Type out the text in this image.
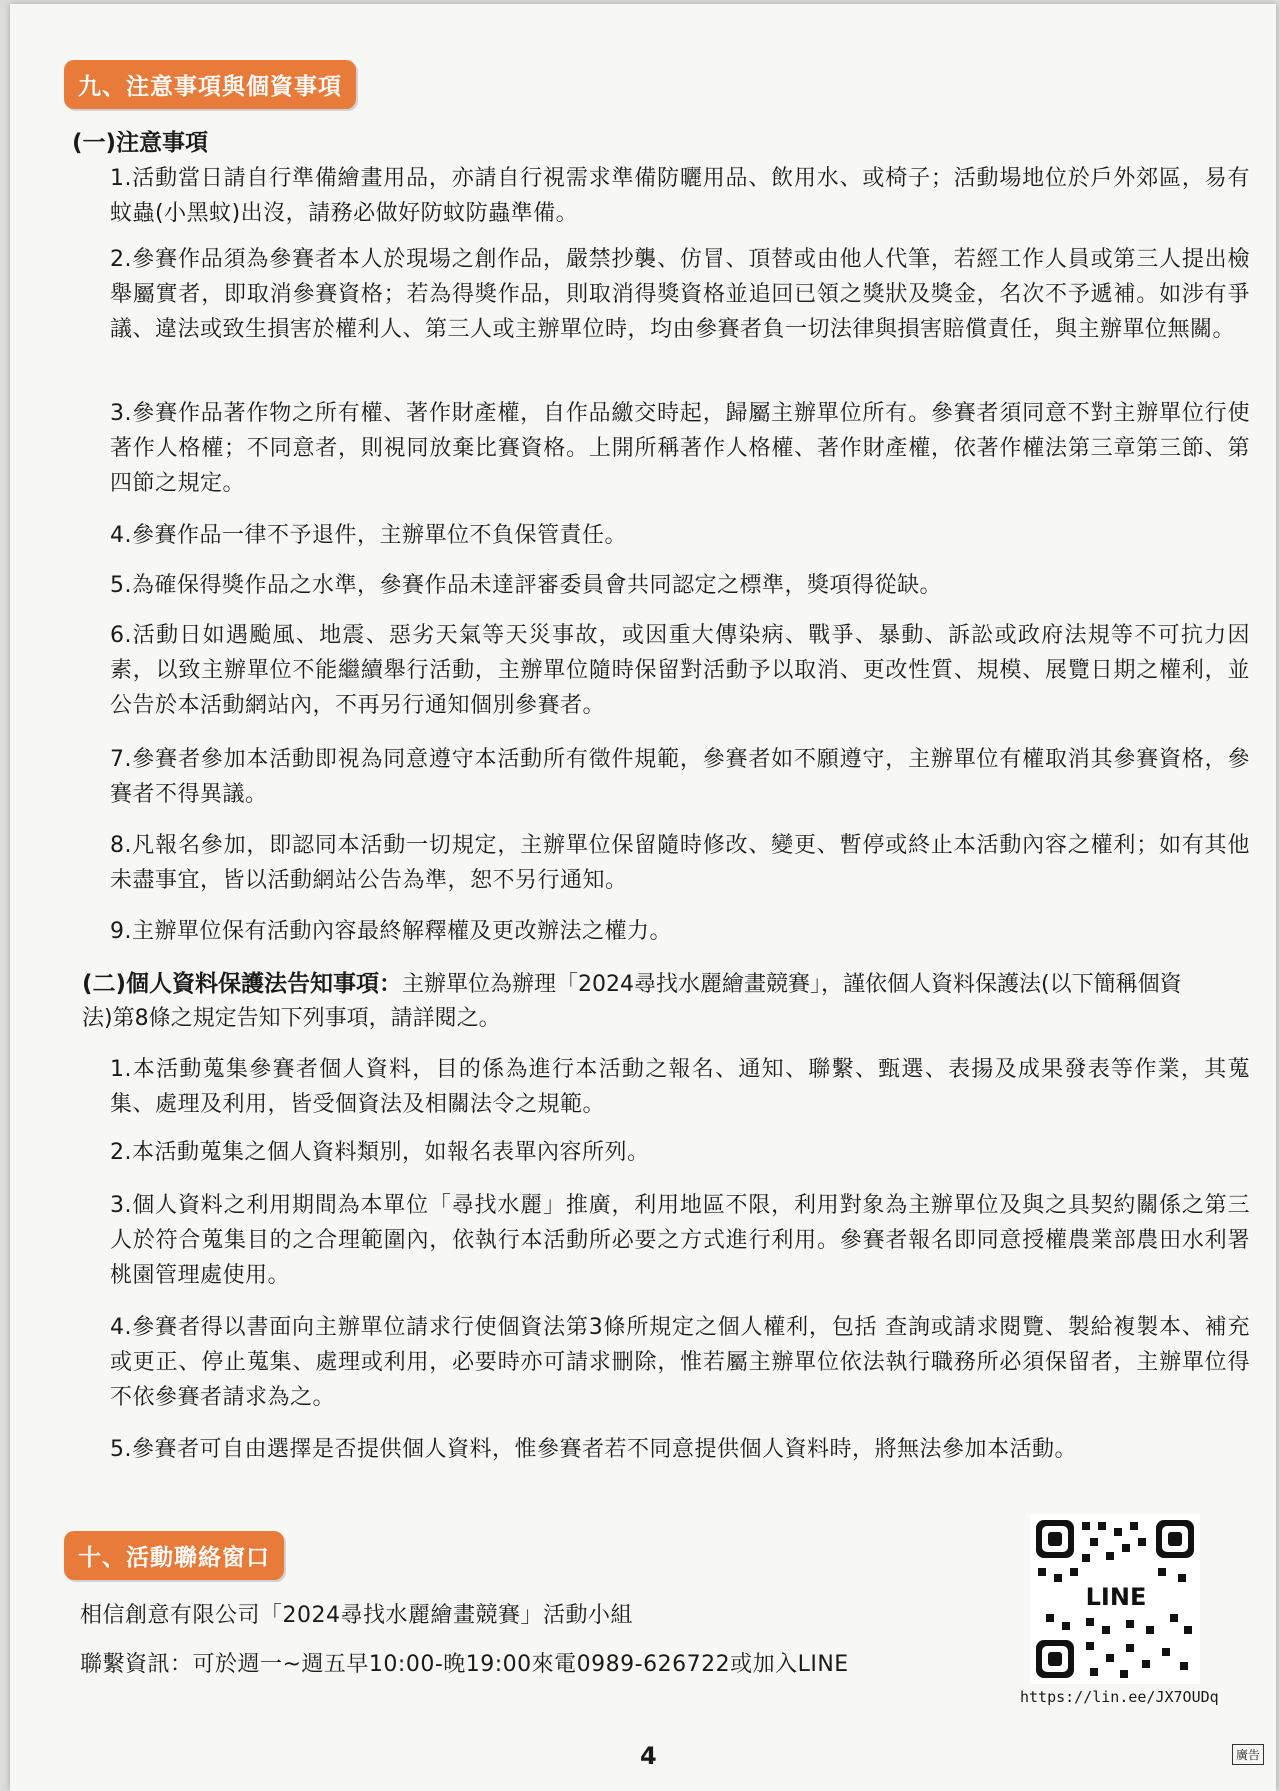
九、注意事項與個資事項
(一)注意事項
1.活動當日請自行準備繪畫用品，亦請自行視需求準備防曬用品、飲用水、或椅子；活動場地位於戶外郊區，易有蚊蟲(小黑蚊)出沒，請務必做好防蚊防蟲準備。
2.參賽作品須為參賽者本人於現場之創作品，嚴禁抄襲、仿冒、頂替或由他人代筆，若經工作人員或第三人提出檢舉屬實者，即取消參賽資格；若為得獎作品，則取消得獎資格並追回已領之獎狀及獎金，名次不予遞補。如涉有爭議、違法或致生損害於權利人、第三人或主辦單位時，均由參賽者負一切法律與損害賠償責任，與主辦單位無關。
3.參賽作品著作物之所有權、著作財產權，自作品繳交時起，歸屬主辦單位所有。參賽者須同意不對主辦單位行使著作人格權；不同意者，則視同放棄比賽資格。上開所稱著作人格權、著作財產權，依著作權法第三章第三節、第四節之規定。
4.參賽作品一律不予退件，主辦單位不負保管責任。
5.為確保得獎作品之水準，參賽作品未達評審委員會共同認定之標準，獎項得從缺。
6.活動日如遇颱風、地震、惡劣天氣等天災事故，或因重大傳染病、戰爭、暴動、訴訟或政府法規等不可抗力因素，以致主辦單位不能繼續舉行活動，主辦單位隨時保留對活動予以取消、更改性質、規模、展覽日期之權利，並公告於本活動網站內，不再另行通知個別參賽者。
7.參賽者參加本活動即視為同意遵守本活動所有徵件規範，參賽者如不願遵守，主辦單位有權取消其參賽資格，參賽者不得異議。
8.凡報名參加，即認同本活動一切規定，主辦單位保留隨時修改、變更、暫停或終止本活動內容之權利；如有其他未盡事宜，皆以活動網站公告為準，恕不另行通知。
9.主辦單位保有活動內容最終解釋權及更改辦法之權力。
(二)個人資料保護法告知事項：主辦單位為辦理「2024尋找水麗繪畫競賽」，謹依個人資料保護法(以下簡稱個資法)第8條之規定告知下列事項，請詳閱之。
1.本活動蒐集參賽者個人資料，目的係為進行本活動之報名、通知、聯繫、甄選、表揚及成果發表等作業，其蒐集、處理及利用，皆受個資法及相關法令之規範。
2.本活動蒐集之個人資料類別，如報名表單內容所列。
3.個人資料之利用期間為本單位「尋找水麗」推廣，利用地區不限，利用對象為主辦單位及與之具契約關係之第三人於符合蒐集目的之合理範圍內，依執行本活動所必要之方式進行利用。參賽者報名即同意授權農業部農田水利署桃園管理處使用。
4.參賽者得以書面向主辦單位請求行使個資法第3條所規定之個人權利，包括 查詢或請求閱覽、製給複製本、補充或更正、停止蒐集、處理或利用，必要時亦可請求刪除，惟若屬主辦單位依法執行職務所必須保留者，主辦單位得不依參賽者請求為之。
5.參賽者可自由選擇是否提供個人資料，惟參賽者若不同意提供個人資料時，將無法參加本活動。
十、活動聯絡窗口
相信創意有限公司「2024尋找水麗繪畫競賽」活動小組
聯繫資訊：可於週一~週五早10:00-晚19:00來電0989-626722或加入LINE
LINE
https://lin.ee/JX7OUDq
4	廣告
